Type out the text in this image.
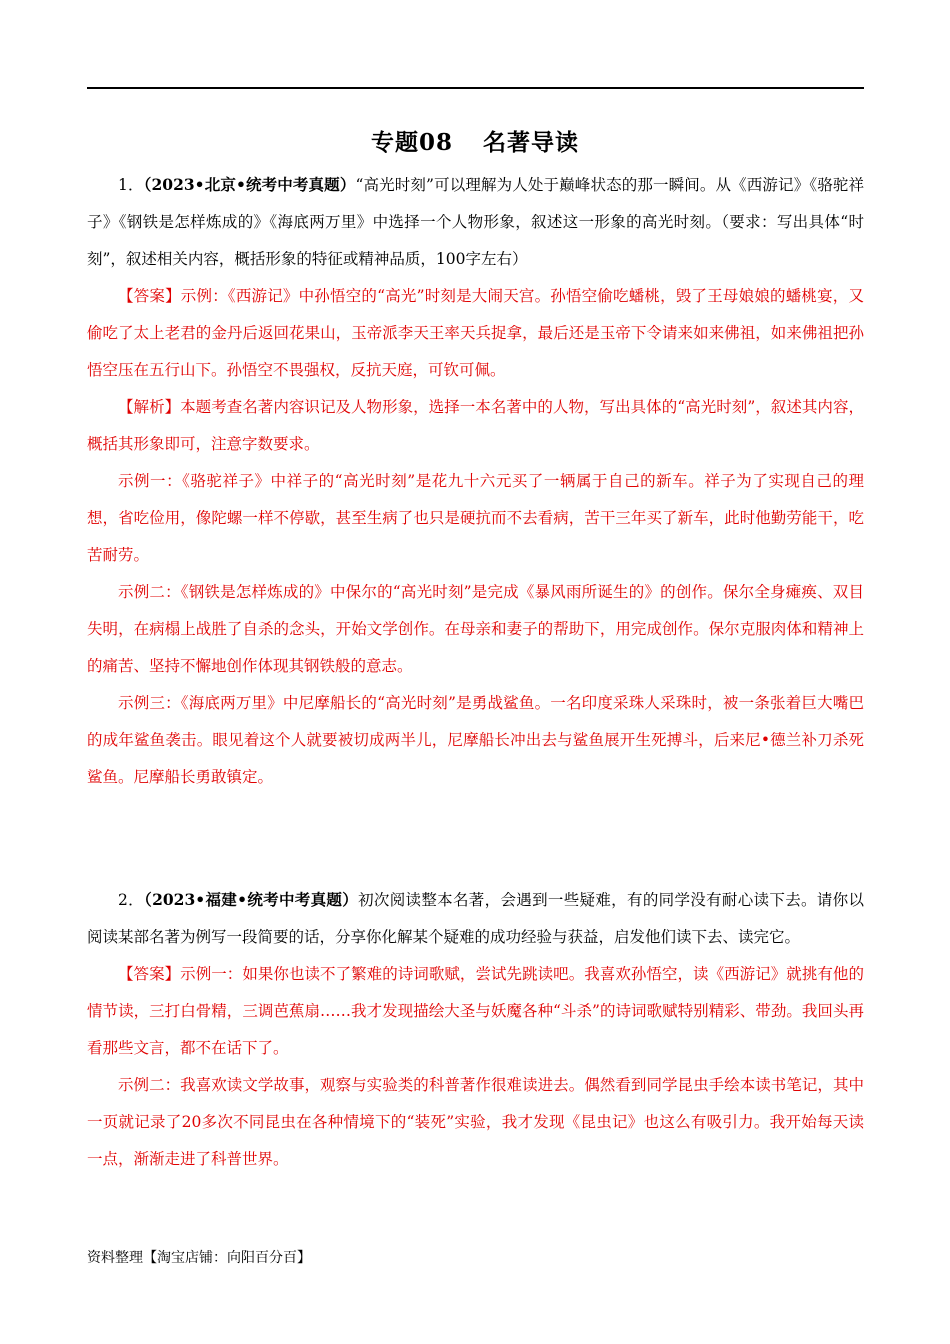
专题08 名著导读

1．（2023•北京•统考中考真题）“高光时刻”可以理解为人处于巅峰状态的那一瞬间。从《西游记》《骆驼祥子》《钢铁是怎样炼成的》《海底两万里》中选择一个人物形象，叙述这一形象的高光时刻。（要求：写出具体“时刻”，叙述相关内容，概括形象的特征或精神品质，100字左右）

【答案】示例：《西游记》中孙悟空的“高光”时刻是大闹天宫。孙悟空偷吃蟠桃，毁了王母娘娘的蟠桃宴，又偷吃了太上老君的金丹后返回花果山，玉帝派李天王率天兵捉拿，最后还是玉帝下令请来如来佛祖，如来佛祖把孙悟空压在五行山下。孙悟空不畏强权，反抗天庭，可钦可佩。

【解析】本题考查名著内容识记及人物形象，选择一本名著中的人物，写出具体的“高光时刻”，叙述其内容，概括其形象即可，注意字数要求。

示例一：《骆驼祥子》中祥子的“高光时刻”是花九十六元买了一辆属于自己的新车。祥子为了实现自己的理想，省吃俭用，像陀螺一样不停歇，甚至生病了也只是硬抗而不去看病，苦干三年买了新车，此时他勤劳能干，吃苦耐劳。

示例二：《钢铁是怎样炼成的》中保尔的“高光时刻”是完成《暴风雨所诞生的》的创作。保尔全身瘫痪、双目失明，在病榻上战胜了自杀的念头，开始文学创作。在母亲和妻子的帮助下，用完成创作。保尔克服肉体和精神上的痛苦、坚持不懈地创作体现其钢铁般的意志。

示例三：《海底两万里》中尼摩船长的“高光时刻”是勇战鲨鱼。一名印度采珠人采珠时，被一条张着巨大嘴巴的成年鲨鱼袭击。眼见着这个人就要被切成两半儿，尼摩船长冲出去与鲨鱼展开生死搏斗，后来尼•德兰补刀杀死鲨鱼。尼摩船长勇敢镇定。

2．（2023•福建•统考中考真题）初次阅读整本名著，会遇到一些疑难，有的同学没有耐心读下去。请你以阅读某部名著为例写一段简要的话，分享你化解某个疑难的成功经验与获益，启发他们读下去、读完它。

【答案】示例一：如果你也读不了繁难的诗词歌赋，尝试先跳读吧。我喜欢孙悟空，读《西游记》就挑有他的情节读，三打白骨精，三调芭蕉扇……我才发现描绘大圣与妖魔各种“斗杀”的诗词歌赋特别精彩、带劲。我回头再看那些文言，都不在话下了。

示例二：我喜欢读文学故事，观察与实验类的科普著作很难读进去。偶然看到同学昆虫手绘本读书笔记，其中一页就记录了20多次不同昆虫在各种情境下的“装死”实验，我才发现《昆虫记》也这么有吸引力。我开始每天读一点，渐渐走进了科普世界。

资料整理【淘宝店铺：向阳百分百】
